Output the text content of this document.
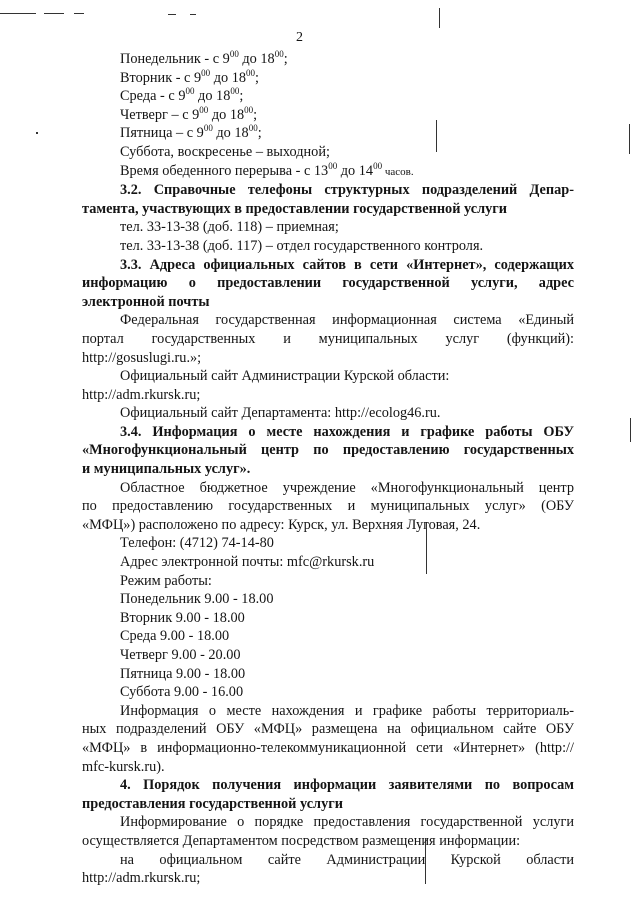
2
Понедельник - с $9^{00}$ до $18^{00}$;
Вторник - с $9^{00}$ до $18^{00}$;
Среда - с $9^{00}$ до $18^{00}$;
Четверг – с $9^{00}$ до $18^{00}$;
Пятница – с $9^{00}$ до $18^{00}$;
Суббота, воскресенье – выходной;
Время обеденного перерыва - с $13^{00}$ до $14^{00}$ часов.
3.2. Справочные телефоны структурных подразделений Депар-
тамента, участвующих в предоставлении государственной услуги
тел. 33-13-38 (доб. 118) – приемная;
тел. 33-13-38 (доб. 117) – отдел государственного контроля.
3.3. Адреса официальных сайтов в сети «Интернет», содержащих
информацию о предоставлении государственной услуги, адрес
электронной почты
Федеральная государственная информационная система «Единый
портал государственных и муниципальных услуг (функций):
http://gosuslugi.ru.»;
Официальный сайт Администрации Курской области:
http://adm.rkursk.ru;
Официальный сайт Департамента: http://ecolog46.ru.
3.4. Информация о месте нахождения и графике работы ОБУ
«Многофункциональный центр по предоставлению государственных
и муниципальных услуг».
Областное бюджетное учреждение «Многофункциональный центр
по предоставлению государственных и муниципальных услуг» (ОБУ
«МФЦ») расположено по адресу: Курск, ул. Верхняя Луговая, 24.
Телефон: (4712) 74-14-80
Адрес электронной почты: mfc@rkursk.ru
Режим работы:
Понедельник 9.00 - 18.00
Вторник 9.00 - 18.00
Среда 9.00 - 18.00
Четверг 9.00 - 20.00
Пятница 9.00 - 18.00
Суббота 9.00 - 16.00
Информация о месте нахождения и графике работы территориаль-
ных подразделений ОБУ «МФЦ» размещена на официальном сайте ОБУ
«МФЦ» в информационно-телекоммуникационной сети «Интернет» (http://
mfc-kursk.ru).
4. Порядок получения информации заявителями по вопросам
предоставления государственной услуги
Информирование о порядке предоставления государственной услуги
осуществляется Департаментом посредством размещения информации:
на официальном сайте Администрации Курской области
http://adm.rkursk.ru;
